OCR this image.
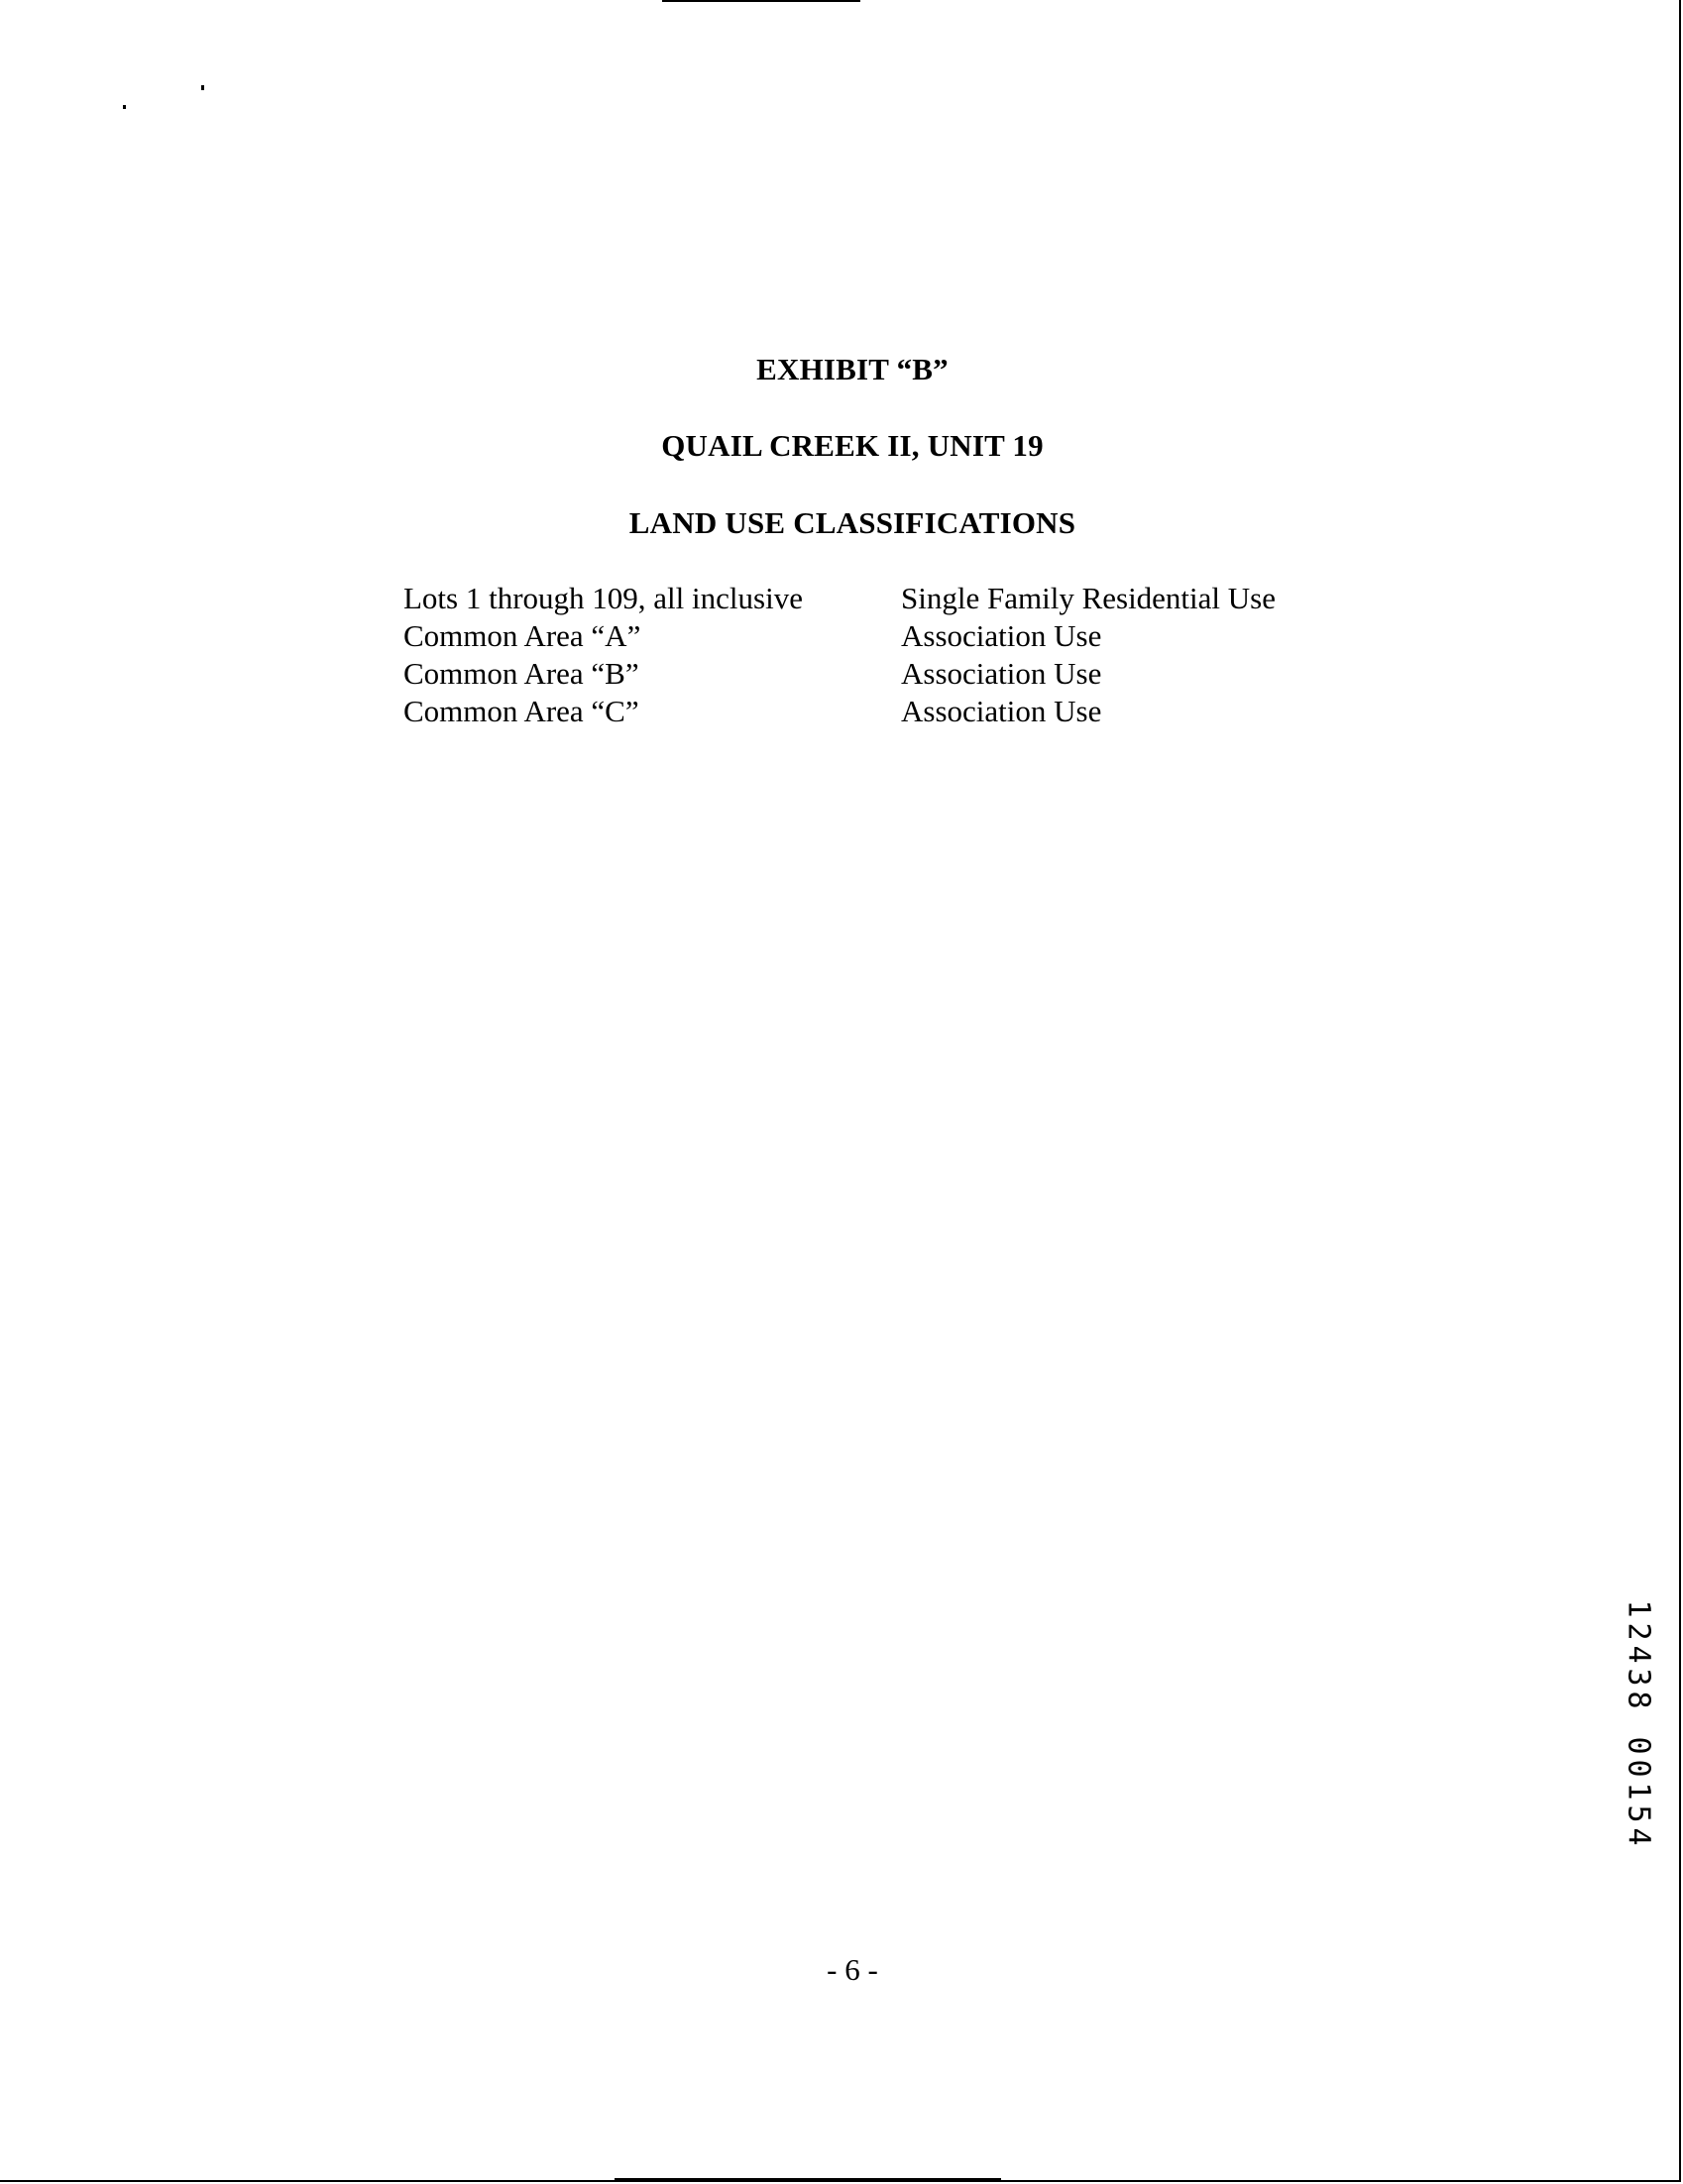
EXHIBIT “B”
QUAIL CREEK II, UNIT 19
LAND USE CLASSIFICATIONS
Lots 1 through 109, all inclusive	Single Family Residential Use
Common Area “A”	Association Use
Common Area “B”	Association Use
Common Area “C”	Association Use
- 6 -
1
2
4
3
8
0
0
1
5
4
